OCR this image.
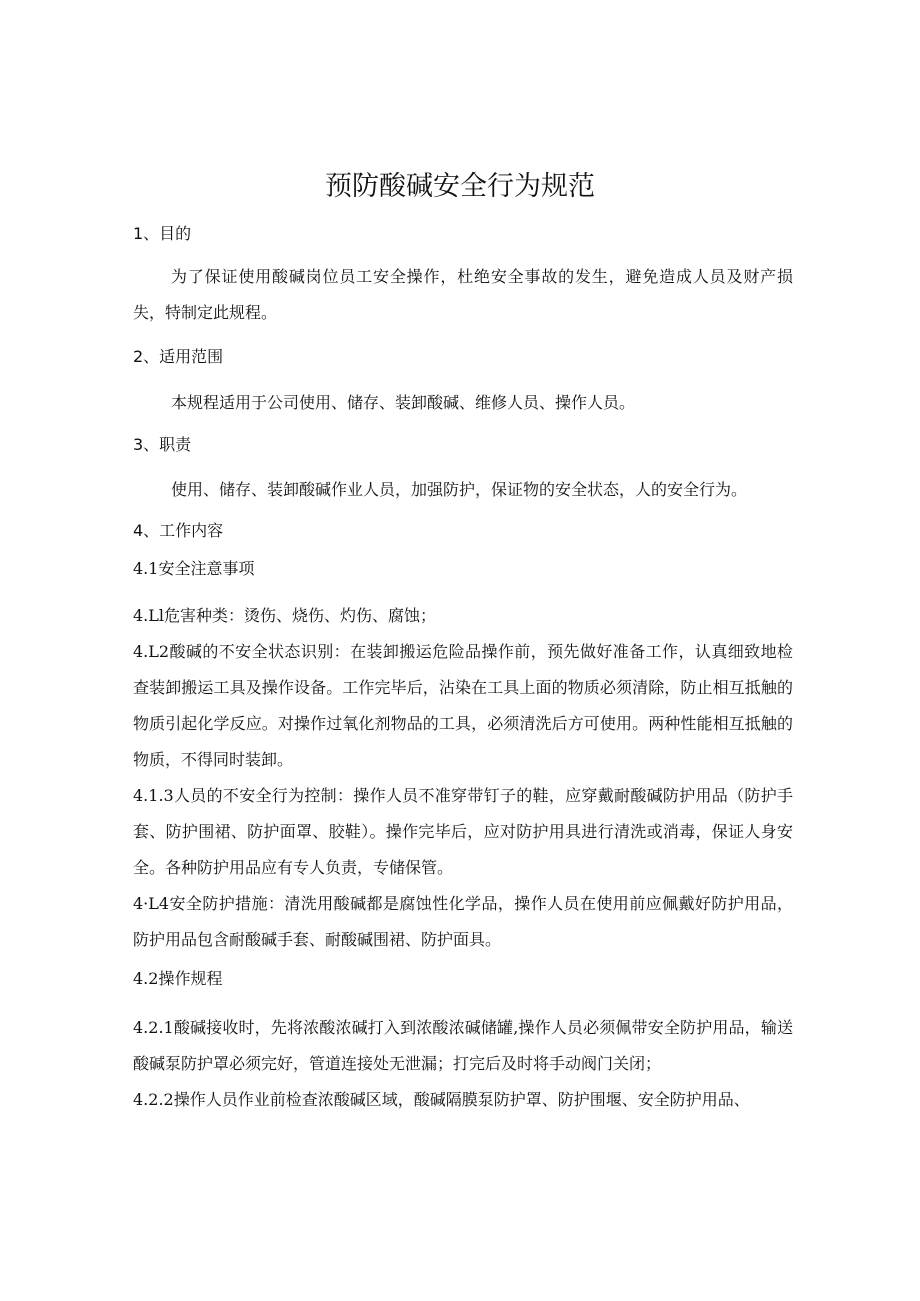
预防酸碱安全行为规范
1、目的
为了保证使用酸碱岗位员工安全操作，杜绝安全事故的发生，避免造成人员及财产损失，特制定此规程。
2、适用范围
本规程适用于公司使用、储存、装卸酸碱、维修人员、操作人员。
3、职责
使用、储存、装卸酸碱作业人员，加强防护，保证物的安全状态，人的安全行为。
4、工作内容
4.1安全注意事项
4.Ll危害种类：烫伤、烧伤、灼伤、腐蚀；
4.L2酸碱的不安全状态识别：在装卸搬运危险品操作前，预先做好准备工作，认真细致地检查装卸搬运工具及操作设备。工作完毕后，沾染在工具上面的物质必须清除，防止相互抵触的物质引起化学反应。对操作过氧化剂物品的工具，必须清洗后方可使用。两种性能相互抵触的物质，不得同时装卸。
4.1.3人员的不安全行为控制：操作人员不准穿带钉子的鞋，应穿戴耐酸碱防护用品（防护手套、防护围裙、防护面罩、胶鞋）。操作完毕后，应对防护用具进行清洗或消毒，保证人身安全。各种防护用品应有专人负责，专储保管。
4·L4安全防护措施：清洗用酸碱都是腐蚀性化学品，操作人员在使用前应佩戴好防护用品，防护用品包含耐酸碱手套、耐酸碱围裙、防护面具。
4.2操作规程
4.2.1酸碱接收时，先将浓酸浓碱打入到浓酸浓碱储罐,操作人员必须佩带安全防护用品，输送酸碱泵防护罩必须完好，管道连接处无泄漏；打完后及时将手动阀门关闭；
4.2.2操作人员作业前检查浓酸碱区域，酸碱隔膜泵防护罩、防护围堰、安全防护用品、
